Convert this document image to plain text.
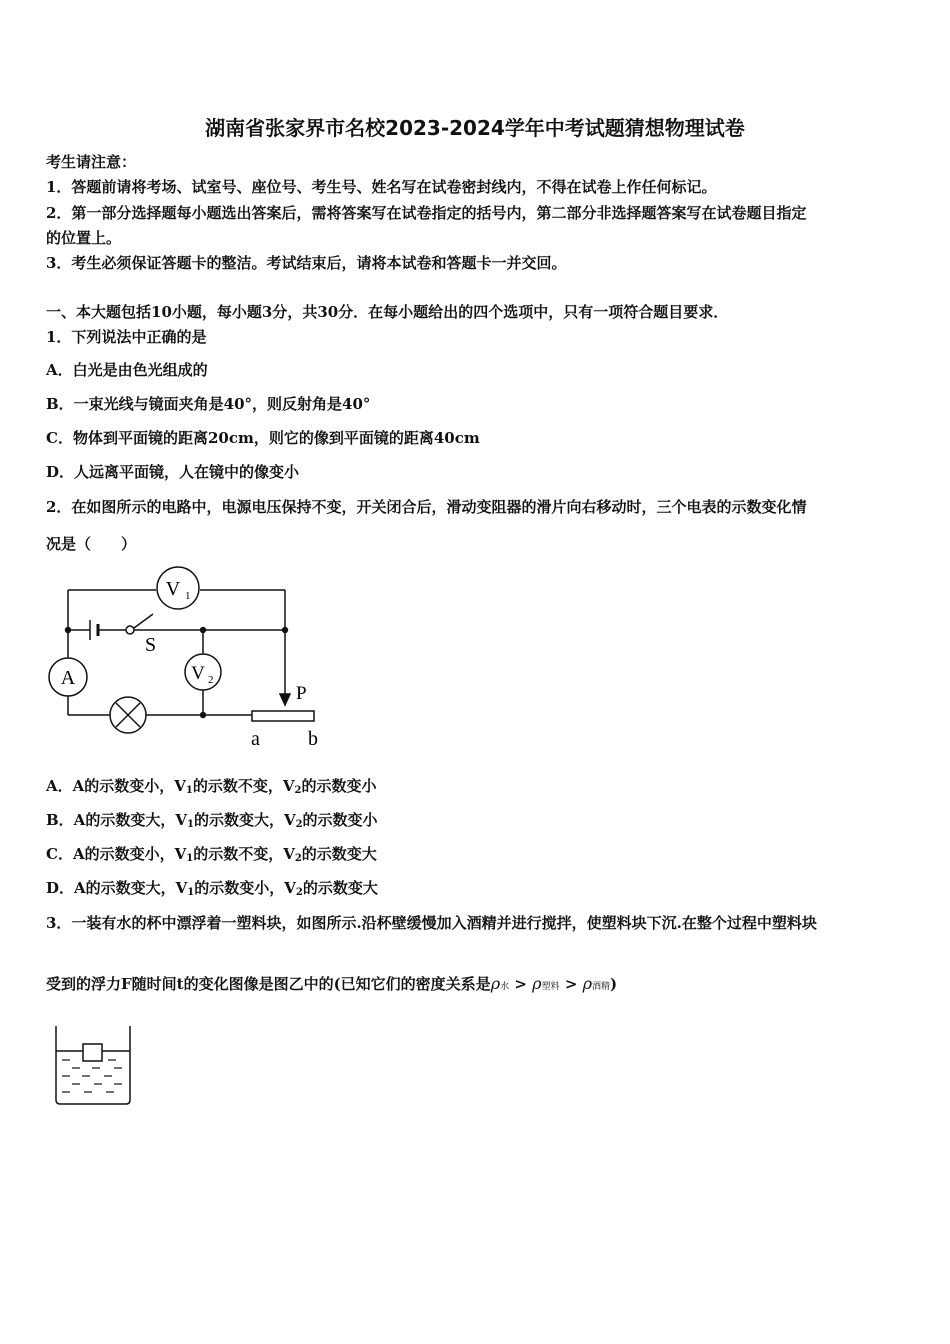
湖南省张家界市名校2023-2024学年中考试题猜想物理试卷
考生请注意：
1．答题前请将考场、试室号、座位号、考生号、姓名写在试卷密封线内，不得在试卷上作任何标记。
2．第一部分选择题每小题选出答案后，需将答案写在试卷指定的括号内，第二部分非选择题答案写在试卷题目指定
的位置上。
3．考生必须保证答题卡的整洁。考试结束后，请将本试卷和答题卡一并交回。
一、本大题包括10小题，每小题3分，共30分．在每小题给出的四个选项中，只有一项符合题目要求．
1．下列说法中正确的是
A．白光是由色光组成的
B．一束光线与镜面夹角是40°，则反射角是40°
C．物体到平面镜的距离20cm，则它的像到平面镜的距离40cm
D．人远离平面镜，人在镜中的像变小
2．在如图所示的电路中，电源电压保持不变，开关闭合后，滑动变阻器的滑片向右移动时，三个电表的示数变化情
况是（　　）
V 1
V 2
A
S
P
a b
A．A的示数变小，$V_1$的示数不变，$V_2$的示数变小
B．A的示数变大，$V_1$的示数变大，$V_2$的示数变小
C．A的示数变小，$V_1$的示数不变，$V_2$的示数变大
D．A的示数变大，$V_1$的示数变小，$V_2$的示数变大
3．一装有水的杯中漂浮着一塑料块，如图所示.沿杯壁缓慢加入酒精并进行搅拌，使塑料块下沉.在整个过程中塑料块
受到的浮力F随时间t的变化图像是图乙中的(已知它们的密度关系是ρ水 > ρ塑料 > ρ酒精)
